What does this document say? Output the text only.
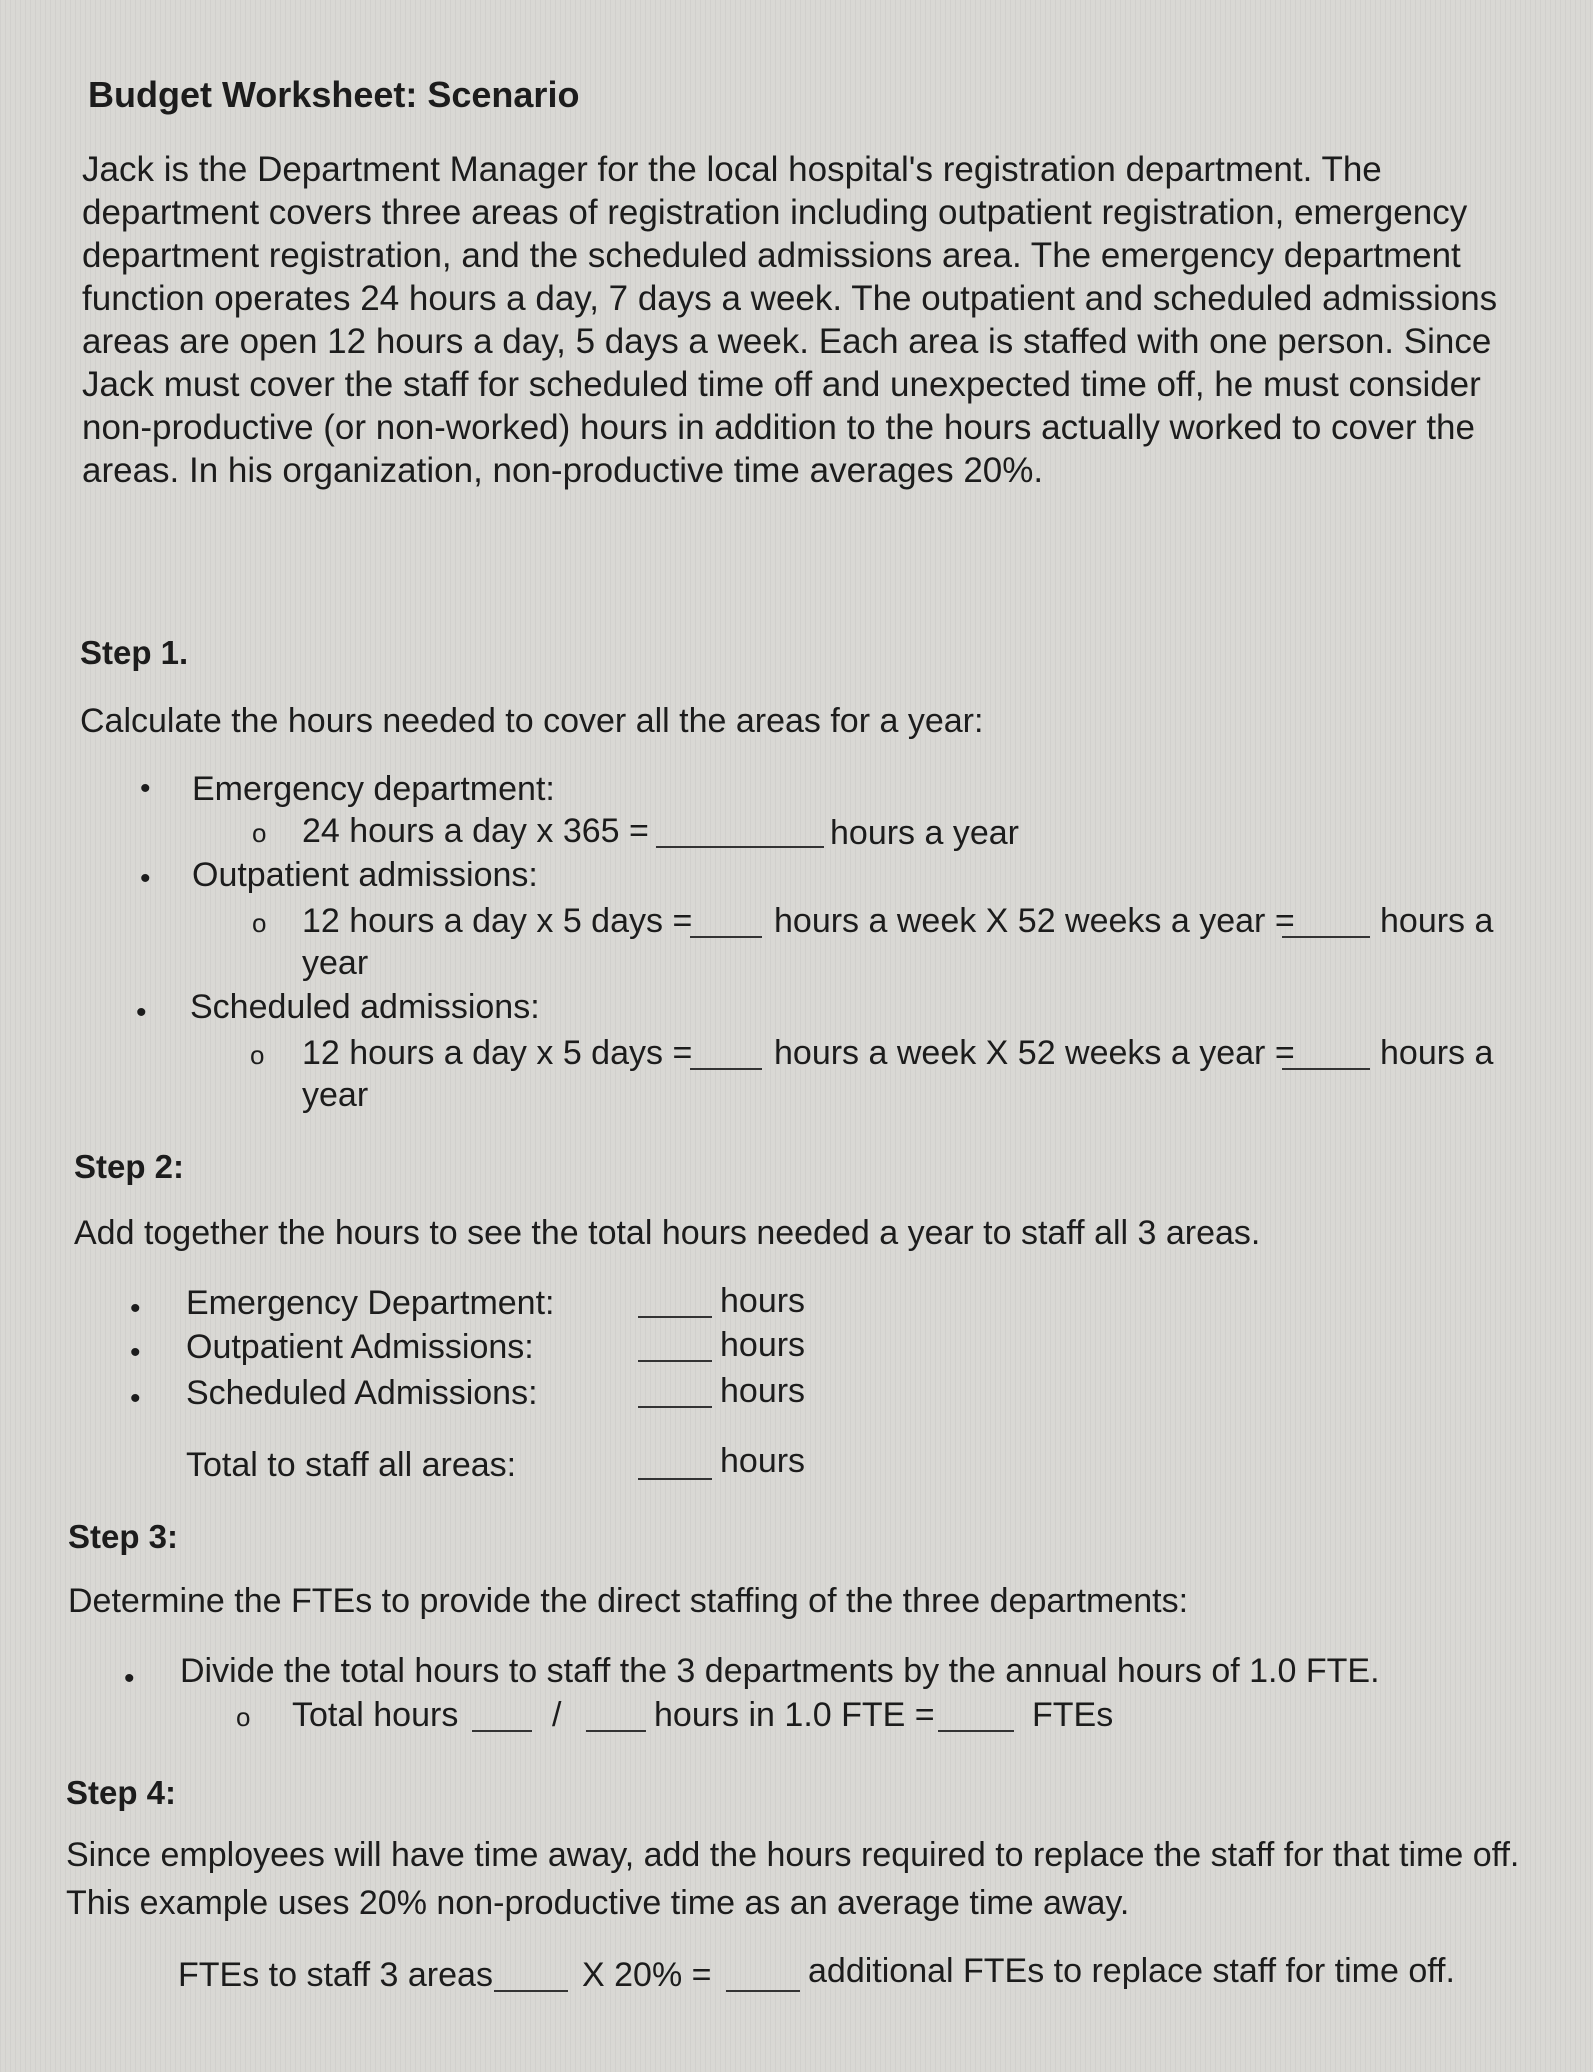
Budget Worksheet: Scenario
Jack is the Department Manager for the local hospital's registration department. The department covers three areas of registration including outpatient registration, emergency department registration, and the scheduled admissions area. The emergency department function operates 24 hours a day, 7 days a week. The outpatient and scheduled admissions areas are open 12 hours a day, 5 days a week. Each area is staffed with one person. Since Jack must cover the staff for scheduled time off and unexpected time off, he must consider non-productive (or non-worked) hours in addition to the hours actually worked to cover the areas. In his organization, non-productive time averages 20%.
Step 1.
Calculate the hours needed to cover all the areas for a year:
• Emergency department:
o 24 hours a day x 365 =	hours a year
• Outpatient admissions:
o 12 hours a day x 5 days = hours a week X 52 weeks a year =	hours a
year
• Scheduled admissions:
o 12 hours a day x 5 days = hours a week X 52 weeks a year =	hours a
year
Step 2:
Add together the hours to see the total hours needed a year to staff all 3 areas.
• Emergency Department:	hours
• Outpatient Admissions:	hours
• Scheduled Admissions:	hours
Total to staff all areas:	hours
Step 3:
Determine the FTEs to provide the direct staffing of the three departments:
• Divide the total hours to staff the 3 departments by the annual hours of 1.0 FTE.
o Total hours	/	hours in 1.0 FTE =	FTEs
Step 4:
Since employees will have time away, add the hours required to replace the staff for that time off.
This example uses 20% non-productive time as an average time away.
FTEs to staff 3 areas	X 20% =	additional FTEs to replace staff for time off.
